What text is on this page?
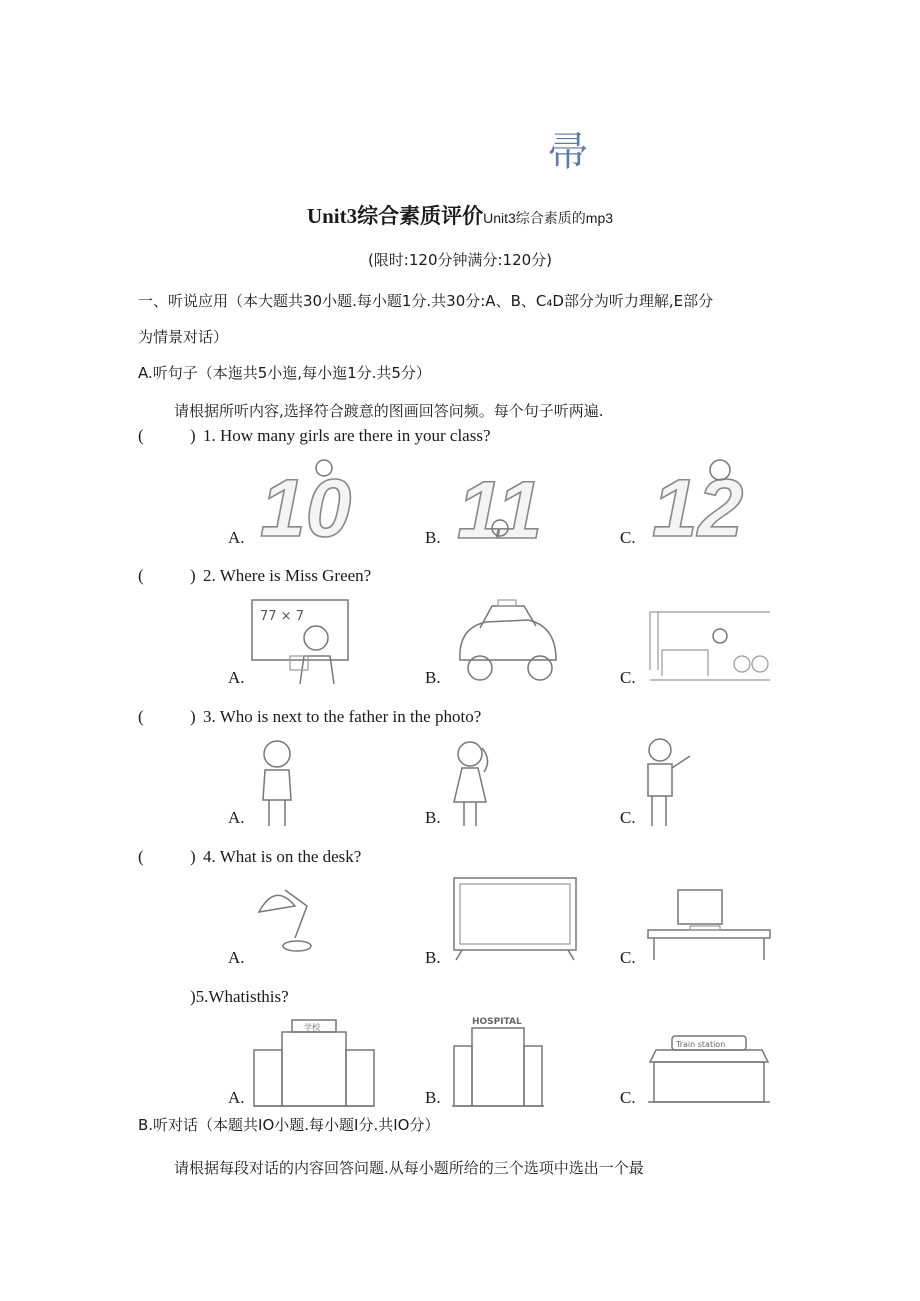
帚
Unit3综合素质评价Unit3综合素质的mp3
(限时:120分钟满分:120分)
一、听说应用（本大题共30小题.每小题1分.共30分:A、B、C₄D部分为听力理解,E部分
为情景对话）
A.听句子（本迤共5小迤,每小迤1分.共5分）
请根据所听内容,选择符合踱意的图画回答问频。每个句子听两遍.
(	) 1. How many girls are there in your class?
A.	B.	C.
10 11 12
(	) 2. Where is Miss Green?
A.	B.	C.
77 × 7
(	) 3. Who is next to the father in the photo?
A.	B.	C.
(	) 4. What is on the desk?
A.	B.	C.
)5.Whatisthis?
A.	B.	C.
学校
HOSPITAL
Train station
B.听对话（本题共IO小题.每小题I分.共IO分）
请根据每段对话的内容回答问题.从每小题所给的三个选项中选出一个最
